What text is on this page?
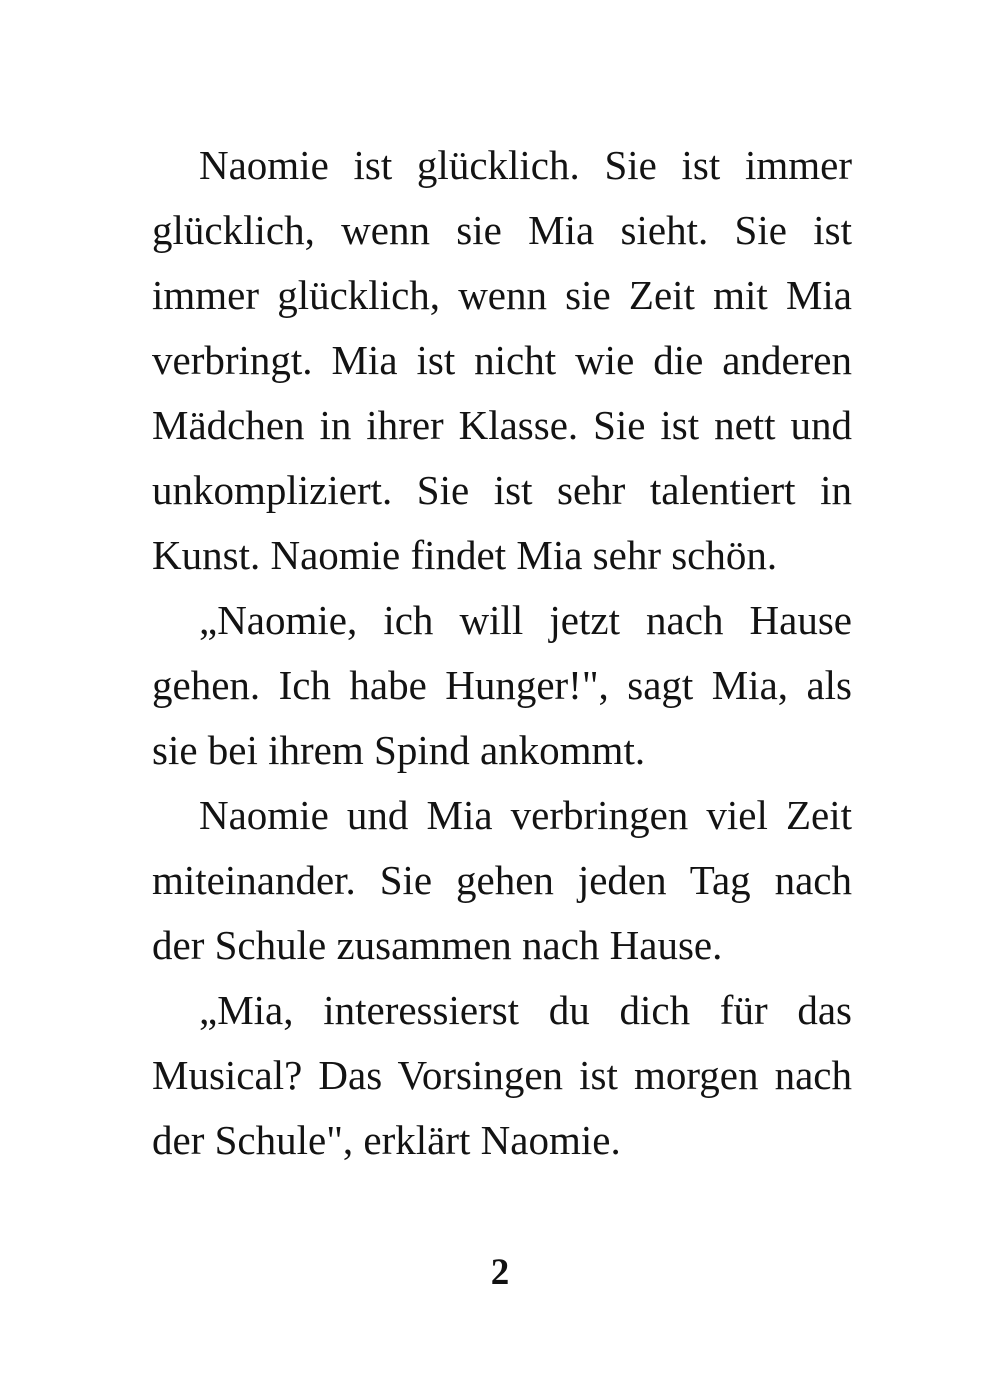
Naomie ist glücklich. Sie ist immer
glücklich, wenn sie Mia sieht. Sie ist
immer glücklich, wenn sie Zeit mit Mia
verbringt. Mia ist nicht wie die anderen
Mädchen in ihrer Klasse. Sie ist nett und
unkompliziert. Sie ist sehr talentiert in
Kunst. Naomie findet Mia sehr schön.
„Naomie, ich will jetzt nach Hause
gehen. Ich habe Hunger!", sagt Mia, als
sie bei ihrem Spind ankommt.
Naomie und Mia verbringen viel Zeit
miteinander. Sie gehen jeden Tag nach
der Schule zusammen nach Hause.
„Mia, interessierst du dich für das
Musical? Das Vorsingen ist morgen nach
der Schule", erklärt Naomie.
2
